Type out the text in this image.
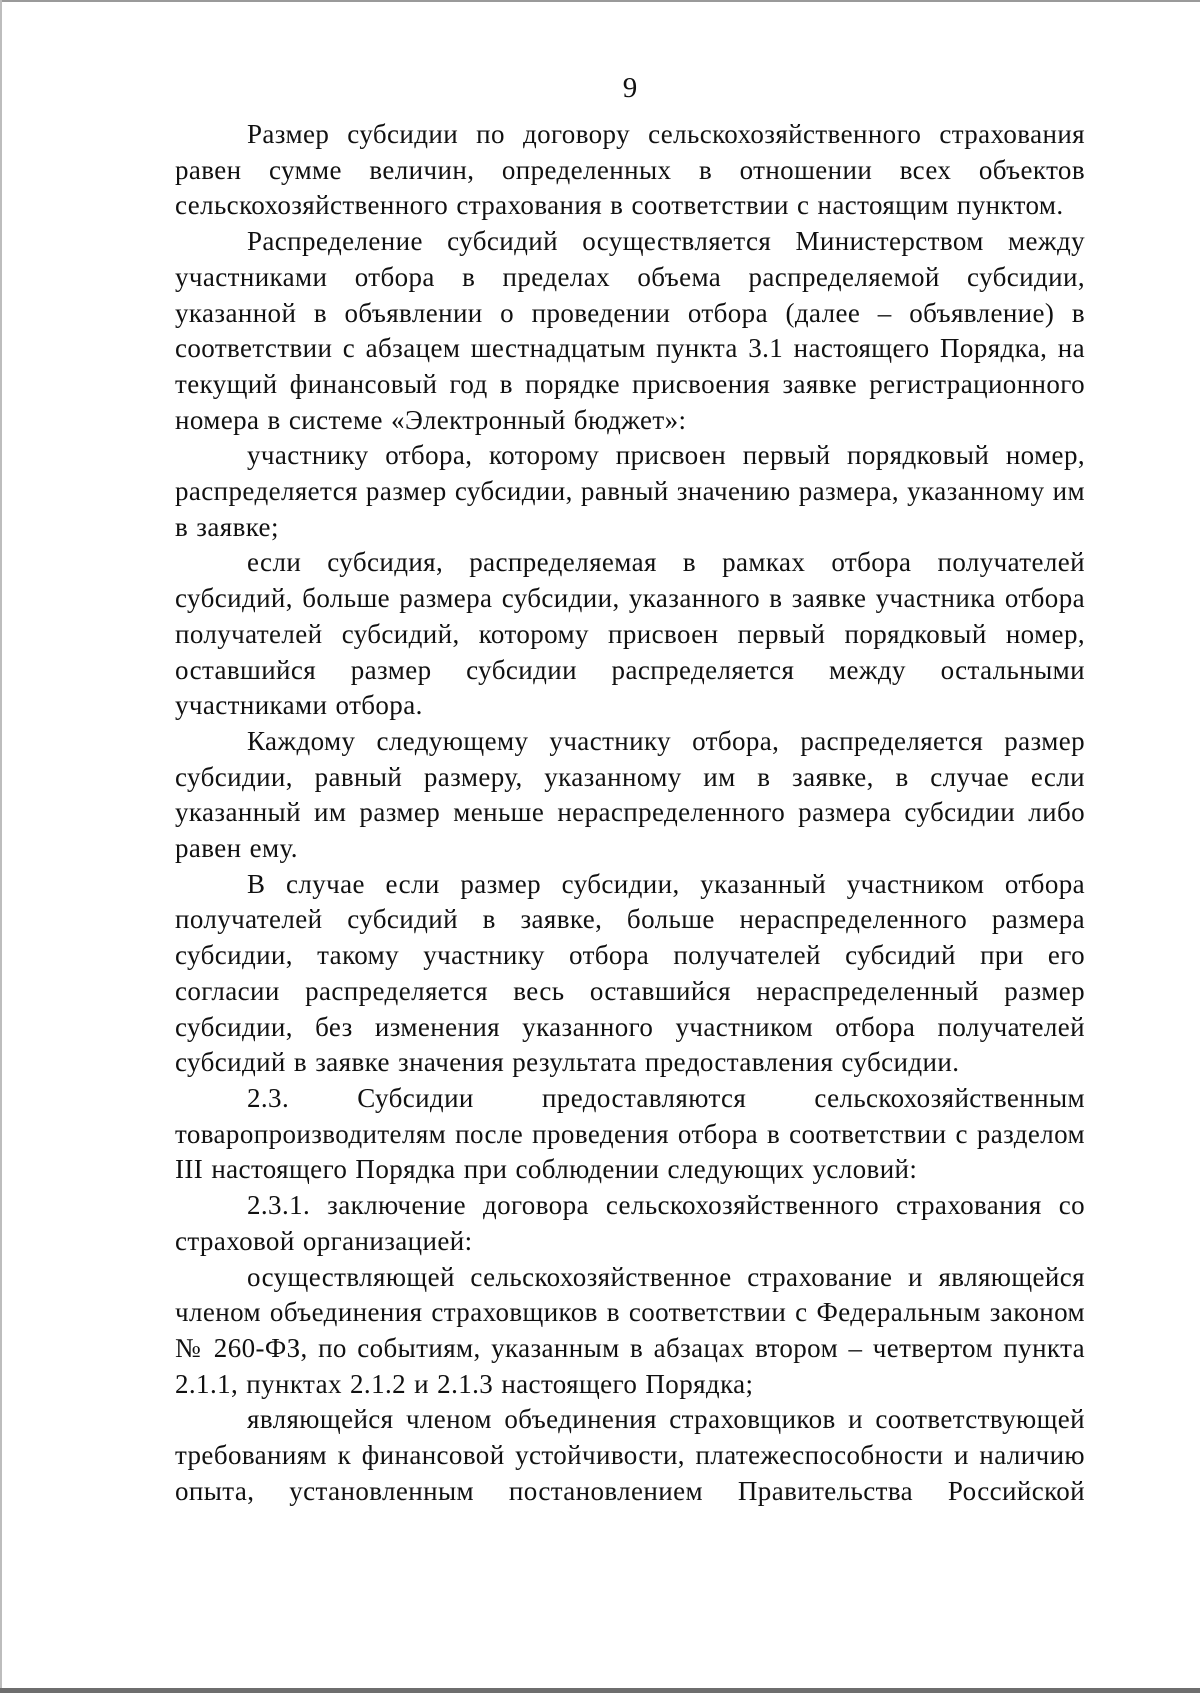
9

Размер субсидии по договору сельскохозяйственного страхования равен сумме величин, определенных в отношении всех объектов сельскохозяйственного страхования в соответствии с настоящим пунктом.

Распределение субсидий осуществляется Министерством между участниками отбора в пределах объема распределяемой субсидии, указанной в объявлении о проведении отбора (далее – объявление) в соответствии с абзацем шестнадцатым пункта 3.1 настоящего Порядка, на текущий финансовый год в порядке присвоения заявке регистрационного номера в системе «Электронный бюджет»:

участнику отбора, которому присвоен первый порядковый номер, распределяется размер субсидии, равный значению размера, указанному им в заявке;

если субсидия, распределяемая в рамках отбора получателей субсидий, больше размера субсидии, указанного в заявке участника отбора получателей субсидий, которому присвоен первый порядковый номер, оставшийся размер субсидии распределяется между остальными участниками отбора.

Каждому следующему участнику отбора, распределяется размер субсидии, равный размеру, указанному им в заявке, в случае если указанный им размер меньше нераспределенного размера субсидии либо равен ему.

В случае если размер субсидии, указанный участником отбора получателей субсидий в заявке, больше нераспределенного размера субсидии, такому участнику отбора получателей субсидий при его согласии распределяется весь оставшийся нераспределенный размер субсидии, без изменения указанного участником отбора получателей субсидий в заявке значения результата предоставления субсидии.

2.3. Субсидии предоставляются сельскохозяйственным товаропроизводителям после проведения отбора в соответствии с разделом III настоящего Порядка при соблюдении следующих условий:

2.3.1. заключение договора сельскохозяйственного страхования со страховой организацией:

осуществляющей сельскохозяйственное страхование и являющейся членом объединения страховщиков в соответствии с Федеральным законом № 260-ФЗ, по событиям, указанным в абзацах втором – четвертом пункта 2.1.1, пунктах 2.1.2 и 2.1.3 настоящего Порядка;

являющейся членом объединения страховщиков и соответствующей требованиям к финансовой устойчивости, платежеспособности и наличию опыта, установленным постановлением Правительства Российской
